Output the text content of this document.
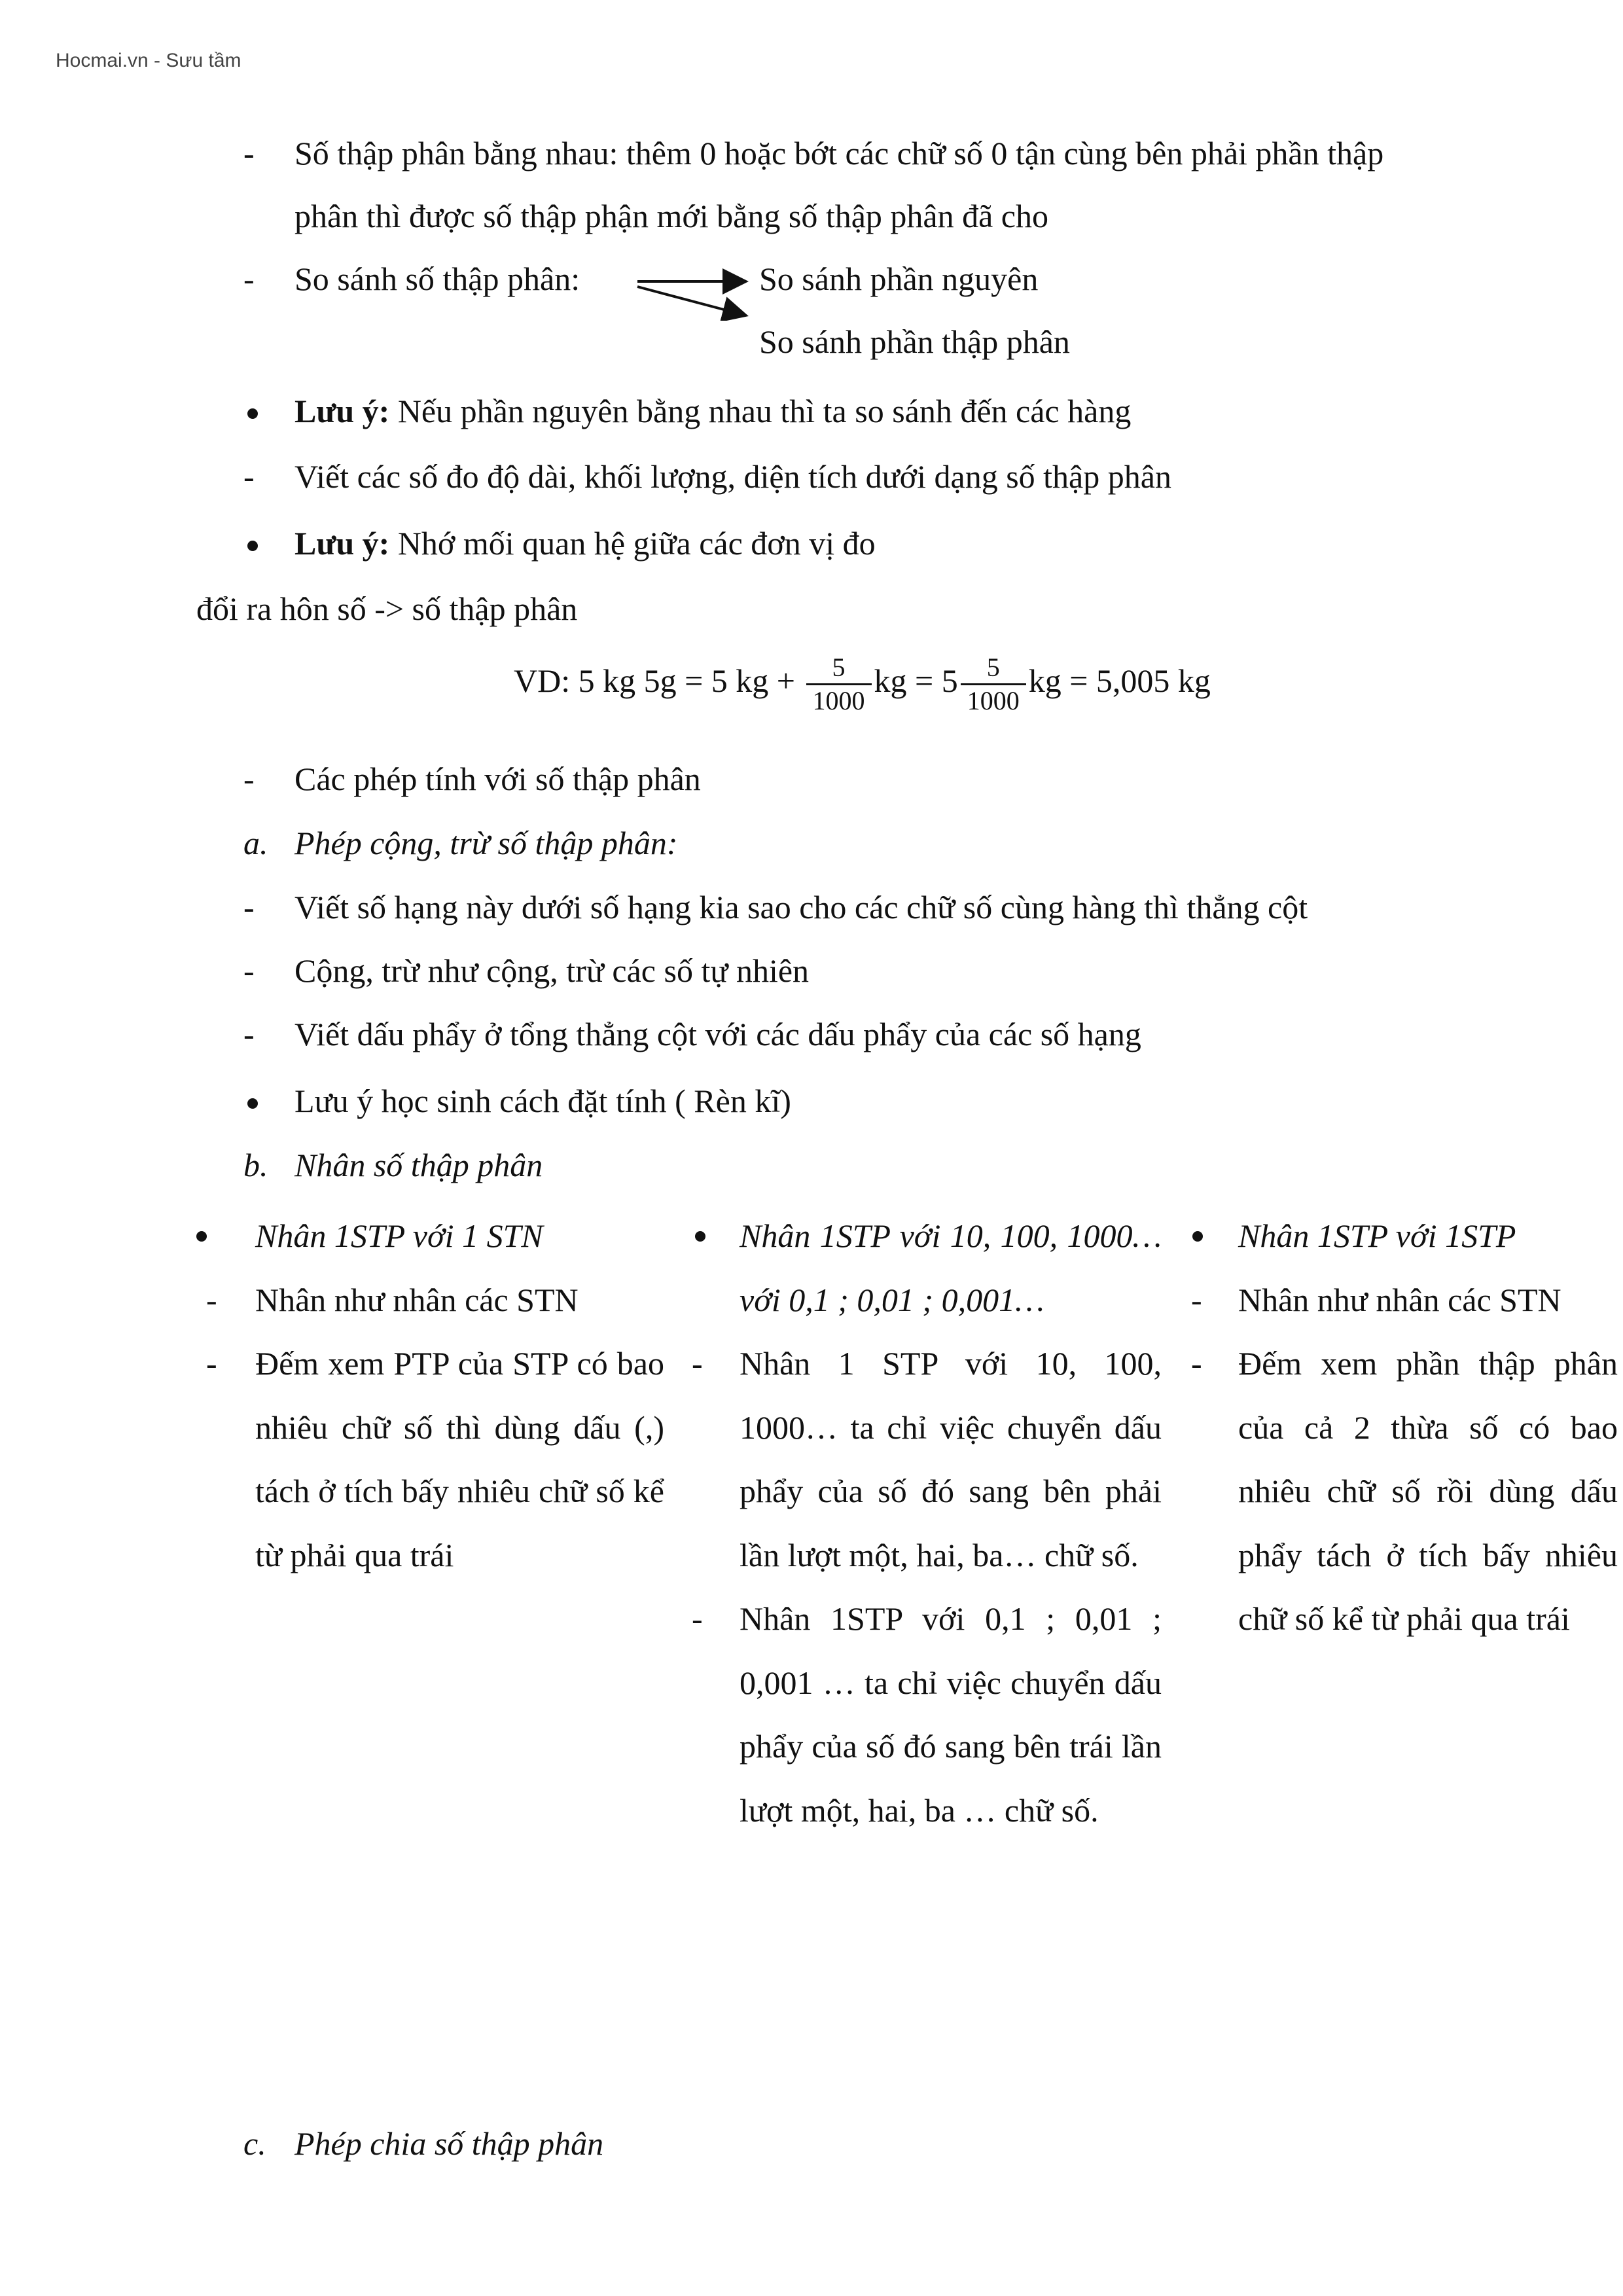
Hocmai.vn - Sưu tầm
- Số thập phân bằng nhau: thêm 0 hoặc bớt các chữ số 0 tận cùng bên phải phần thập
phân thì được số thập phận mới bằng số thập phân đã cho
- So sánh số thập phân:	So sánh phần nguyên
So sánh phần thập phân
Lưu ý: Nếu phần nguyên bằng nhau thì ta so sánh đến các hàng
- Viết các số đo độ dài, khối lượng, diện tích dưới dạng số thập phân
Lưu ý: Nhớ mối quan hệ giữa các đơn vị đo
đổi ra hôn số -> số thập phân
VD: 5 kg 5g = 5 kg + $\frac{5}{1000}$ kg = $5 \frac{5}{1000}$ kg = 5,005 kg
- Các phép tính với số thập phân
a. Phép cộng, trừ số thập phân:
- Viết số hạng này dưới số hạng kia sao cho các chữ số cùng hàng thì thẳng cột
- Cộng, trừ như cộng, trừ các số tự nhiên
- Viết dấu phẩy ở tổng thẳng cột với các dấu phẩy của các số hạng
Lưu ý học sinh cách đặt tính ( Rèn kĩ)
b. Nhân số thập phân
Nhân 1STP với 1 STN
- Nhân như nhân các STN
- Đếm xem PTP của STP có bao nhiêu chữ số thì dùng dấu (,) tách ở tích bấy nhiêu chữ số kể từ phải qua trái
Nhân 1STP với 10, 100, 1000… với 0,1 ; 0,01 ; 0,001…
- Nhân 1 STP với 10, 100, 1000… ta chỉ việc chuyển dấu phẩy của số đó sang bên phải lần lượt một, hai, ba… chữ số.
- Nhân 1STP với 0,1 ; 0,01 ; 0,001 … ta chỉ việc chuyển dấu phẩy của số đó sang bên trái lần lượt một, hai, ba … chữ số.
Nhân 1STP với 1STP
- Nhân như nhân các STN
- Đếm xem phần thập phân của cả 2 thừa số có bao nhiêu chữ số rồi dùng dấu phẩy tách ở tích bấy nhiêu chữ số kể từ phải qua trái
c. Phép chia số thập phân
